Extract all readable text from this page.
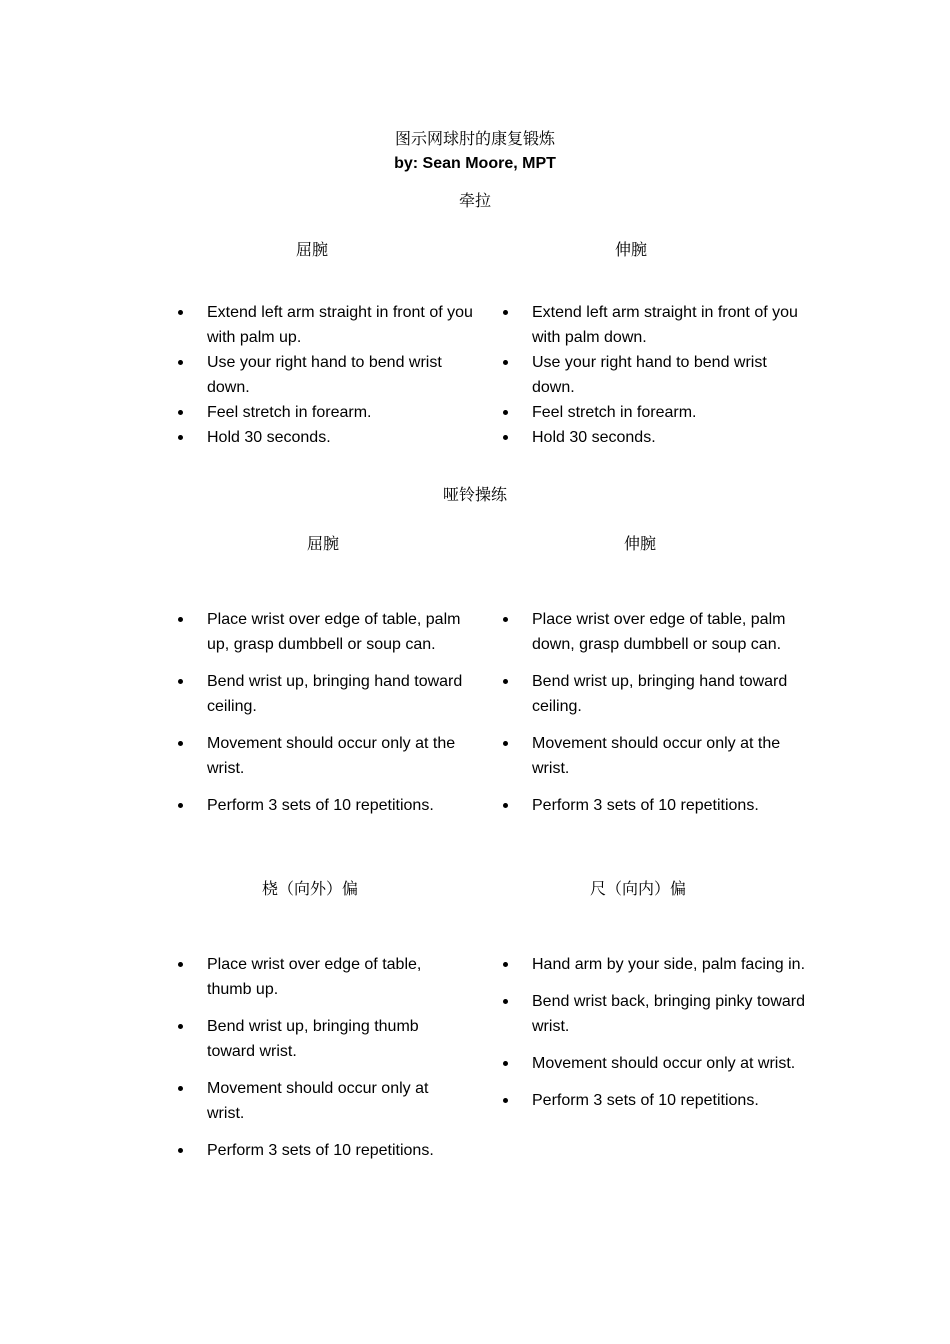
图示网球肘的康复锻炼
by: Sean Moore, MPT
牵拉
屈腕	伸腕
Extend left arm straight in front of you with palm up.
Use your right hand to bend wrist down.
Feel stretch in forearm.
Hold 30 seconds.
Extend left arm straight in front of you with palm down.
Use your right hand to bend wrist down.
Feel stretch in forearm.
Hold 30 seconds.
哑铃操练
屈腕	伸腕
Place wrist over edge of table, palm up, grasp dumbbell or soup can.
Bend wrist up, bringing hand toward ceiling.
Movement should occur only at the wrist.
Perform 3 sets of 10 repetitions.
Place wrist over edge of table, palm down, grasp dumbbell or soup can.
Bend wrist up, bringing hand toward ceiling.
Movement should occur only at the wrist.
Perform 3 sets of 10 repetitions.
桡（向外）偏	尺（向内）偏
Place wrist over edge of table, thumb up.
Bend wrist up, bringing thumb toward wrist.
Movement should occur only at wrist.
Perform 3 sets of 10 repetitions.
Hand arm by your side, palm facing in.
Bend wrist back, bringing pinky toward wrist.
Movement should occur only at wrist.
Perform 3 sets of 10 repetitions.
